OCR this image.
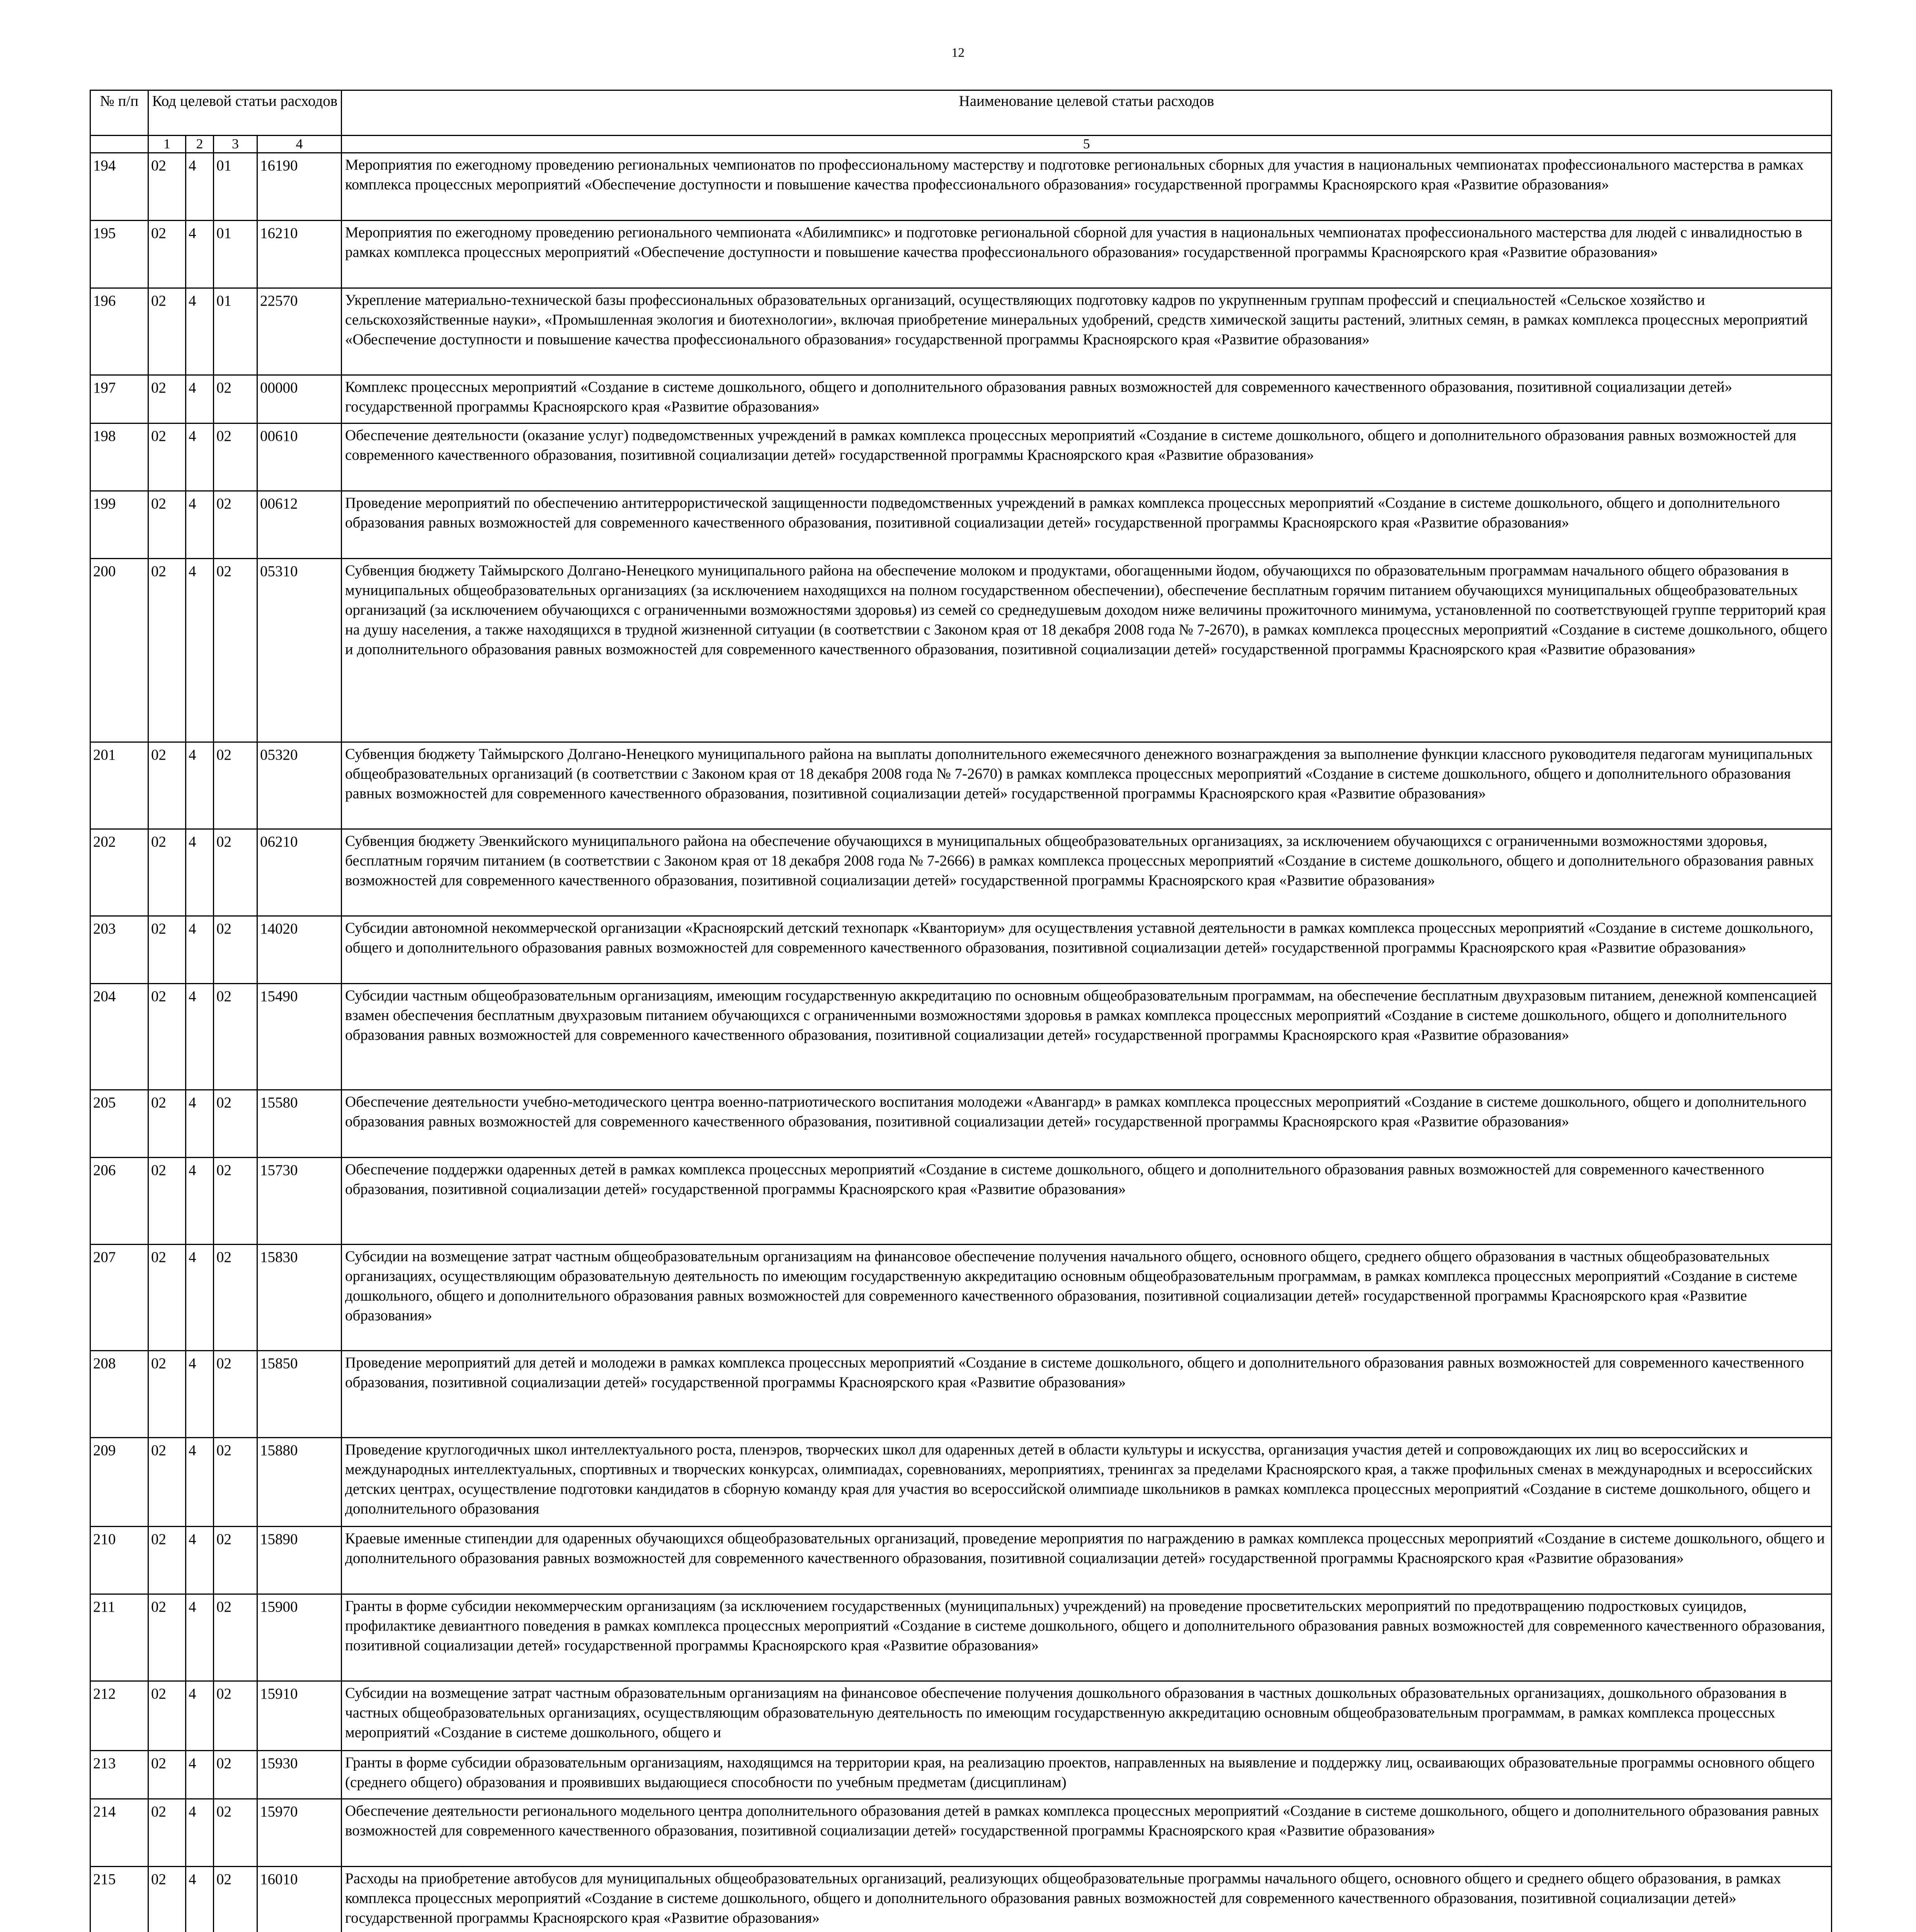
12
№ п/п	Код целевой статьи расходов				Наименование целевой статьи расходов
	1	2	3	4	5
194	02	4	01	16190	Мероприятия по ежегодному проведению региональных чемпионатов по профессиональному мастерству и подготовке региональных сборных для участия в национальных чемпионатах профессионального мастерства в рамках комплекса процессных мероприятий «Обеспечение доступности и повышение качества профессионального образования» государственной программы Красноярского края «Развитие образования»
195	02	4	01	16210	Мероприятия по ежегодному проведению регионального чемпионата «Абилимпикс» и подготовке региональной сборной для участия в национальных чемпионатах профессионального мастерства для людей с инвалидностью в рамках комплекса процессных мероприятий «Обеспечение доступности и повышение качества профессионального образования» государственной программы Красноярского края «Развитие образования»
196	02	4	01	22570	Укрепление материально-технической базы профессиональных образовательных организаций, осуществляющих подготовку кадров по укрупненным группам профессий и специальностей «Сельское хозяйство и сельскохозяйственные науки», «Промышленная экология и биотехнологии», включая приобретение минеральных удобрений, средств химической защиты растений, элитных семян, в рамках комплекса процессных мероприятий «Обеспечение доступности и повышение качества профессионального образования» государственной программы Красноярского края «Развитие образования»
197	02	4	02	00000	Комплекс процессных мероприятий «Создание в системе дошкольного, общего и дополнительного образования равных возможностей для современного качественного образования, позитивной социализации детей» государственной программы Красноярского края «Развитие образования»
198	02	4	02	00610	Обеспечение деятельности (оказание услуг) подведомственных учреждений в рамках комплекса процессных мероприятий «Создание в системе дошкольного, общего и дополнительного образования равных возможностей для современного качественного образования, позитивной социализации детей» государственной программы Красноярского края «Развитие образования»
199	02	4	02	00612	Проведение мероприятий по обеспечению антитеррористической защищенности подведомственных учреждений в рамках комплекса процессных мероприятий «Создание в системе дошкольного, общего и дополнительного образования равных возможностей для современного качественного образования, позитивной социализации детей» государственной программы Красноярского края «Развитие образования»
200	02	4	02	05310	Субвенция бюджету Таймырского Долгано-Ненецкого муниципального района на обеспечение молоком и продуктами, обогащенными йодом, обучающихся по образовательным программам начального общего образования в муниципальных общеобразовательных организациях (за исключением находящихся на полном государственном обеспечении), обеспечение бесплатным горячим питанием обучающихся муниципальных общеобразовательных организаций (за исключением обучающихся с ограниченными возможностями здоровья) из семей со среднедушевым доходом ниже величины прожиточного минимума, установленной по соответствующей группе территорий края на душу населения, а также находящихся в трудной жизненной ситуации (в соответствии с Законом края от 18 декабря 2008 года № 7-2670), в рамках комплекса процессных мероприятий «Создание в системе дошкольного, общего и дополнительного образования равных возможностей для современного качественного образования, позитивной социализации детей» государственной программы Красноярского края «Развитие образования»
201	02	4	02	05320	Субвенция бюджету Таймырского Долгано-Ненецкого муниципального района на выплаты дополнительного ежемесячного денежного вознаграждения за выполнение функции классного руководителя педагогам муниципальных общеобразовательных организаций (в соответствии с Законом края от 18 декабря 2008 года № 7-2670) в рамках комплекса процессных мероприятий «Создание в системе дошкольного, общего и дополнительного образования равных возможностей для современного качественного образования, позитивной социализации детей» государственной программы Красноярского края «Развитие образования»
202	02	4	02	06210	Субвенция бюджету Эвенкийского муниципального района на обеспечение обучающихся в муниципальных общеобразовательных организациях, за исключением обучающихся с ограниченными возможностями здоровья, бесплатным горячим питанием (в соответствии с Законом края от 18 декабря 2008 года № 7-2666) в рамках комплекса процессных мероприятий «Создание в системе дошкольного, общего и дополнительного образования равных возможностей для современного качественного образования, позитивной социализации детей» государственной программы Красноярского края «Развитие образования»
203	02	4	02	14020	Субсидии автономной некоммерческой организации «Красноярский детский технопарк «Кванториум» для осуществления уставной деятельности в рамках комплекса процессных мероприятий «Создание в системе дошкольного, общего и дополнительного образования равных возможностей для современного качественного образования, позитивной социализации детей» государственной программы Красноярского края «Развитие образования»
204	02	4	02	15490	Субсидии частным общеобразовательным организациям, имеющим государственную аккредитацию по основным общеобразовательным программам, на обеспечение бесплатным двухразовым питанием, денежной компенсацией взамен обеспечения бесплатным двухразовым питанием обучающихся с ограниченными возможностями здоровья в рамках комплекса процессных мероприятий «Создание в системе дошкольного, общего и дополнительного образования равных возможностей для современного качественного образования, позитивной социализации детей» государственной программы Красноярского края «Развитие образования»
205	02	4	02	15580	Обеспечение деятельности учебно-методического центра военно-патриотического воспитания молодежи «Авангард» в рамках комплекса процессных мероприятий «Создание в системе дошкольного, общего и дополнительного образования равных возможностей для современного качественного образования, позитивной социализации детей» государственной программы Красноярского края «Развитие образования»
206	02	4	02	15730	Обеспечение поддержки одаренных детей в рамках комплекса процессных мероприятий «Создание в системе дошкольного, общего и дополнительного образования равных возможностей для современного качественного образования, позитивной социализации детей» государственной программы Красноярского края «Развитие образования»
207	02	4	02	15830	Субсидии на возмещение затрат частным общеобразовательным организациям на финансовое обеспечение получения начального общего, основного общего, среднего общего образования в частных общеобразовательных организациях, осуществляющим образовательную деятельность по имеющим государственную аккредитацию основным общеобразовательным программам, в рамках комплекса процессных мероприятий «Создание в системе дошкольного, общего и дополнительного образования равных возможностей для современного качественного образования, позитивной социализации детей» государственной программы Красноярского края «Развитие образования»
208	02	4	02	15850	Проведение мероприятий для детей и молодежи в рамках комплекса процессных мероприятий «Создание в системе дошкольного, общего и дополнительного образования равных возможностей для современного качественного образования, позитивной социализации детей» государственной программы Красноярского края «Развитие образования»
209	02	4	02	15880	Проведение круглогодичных школ интеллектуального роста, пленэров, творческих школ для одаренных детей в области культуры и искусства, организация участия детей и сопровождающих их лиц во всероссийских и международных интеллектуальных, спортивных и творческих конкурсах, олимпиадах, соревнованиях, мероприятиях, тренингах за пределами Красноярского края, а также профильных сменах в международных и всероссийских детских центрах, осуществление подготовки кандидатов в сборную команду края для участия во всероссийской олимпиаде школьников в рамках комплекса процессных мероприятий «Создание в системе дошкольного, общего и дополнительного образования
210	02	4	02	15890	Краевые именные стипендии для одаренных обучающихся общеобразовательных организаций, проведение мероприятия по награждению в рамках комплекса процессных мероприятий «Создание в системе дошкольного, общего и дополнительного образования равных возможностей для современного качественного образования, позитивной социализации детей» государственной программы Красноярского края «Развитие образования»
211	02	4	02	15900	Гранты в форме субсидии некоммерческим организациям (за исключением государственных (муниципальных) учреждений) на проведение просветительских мероприятий по предотвращению подростковых суицидов, профилактике девиантного поведения в рамках комплекса процессных мероприятий «Создание в системе дошкольного, общего и дополнительного образования равных возможностей для современного качественного образования, позитивной социализации детей» государственной программы Красноярского края «Развитие образования»
212	02	4	02	15910	Субсидии на возмещение затрат частным образовательным организациям на финансовое обеспечение получения дошкольного образования в частных дошкольных образовательных организациях, дошкольного образования в частных общеобразовательных организациях, осуществляющим образовательную деятельность по имеющим государственную аккредитацию основным общеобразовательным программам, в рамках комплекса процессных мероприятий «Создание в системе дошкольного, общего и
213	02	4	02	15930	Гранты в форме субсидии образовательным организациям, находящимся на территории края, на реализацию проектов, направленных на выявление и поддержку лиц, осваивающих образовательные программы основного общего (среднего общего) образования и проявивших выдающиеся способности по учебным предметам (дисциплинам)
214	02	4	02	15970	Обеспечение деятельности регионального модельного центра дополнительного образования детей в рамках комплекса процессных мероприятий «Создание в системе дошкольного, общего и дополнительного образования равных возможностей для современного качественного образования, позитивной социализации детей» государственной программы Красноярского края «Развитие образования»
215	02	4	02	16010	Расходы на приобретение автобусов для муниципальных общеобразовательных организаций, реализующих общеобразовательные программы начального общего, основного общего и среднего общего образования, в рамках комплекса процессных мероприятий «Создание в системе дошкольного, общего и дополнительного образования равных возможностей для современного качественного образования, позитивной социализации детей» государственной программы Красноярского края «Развитие образования»
